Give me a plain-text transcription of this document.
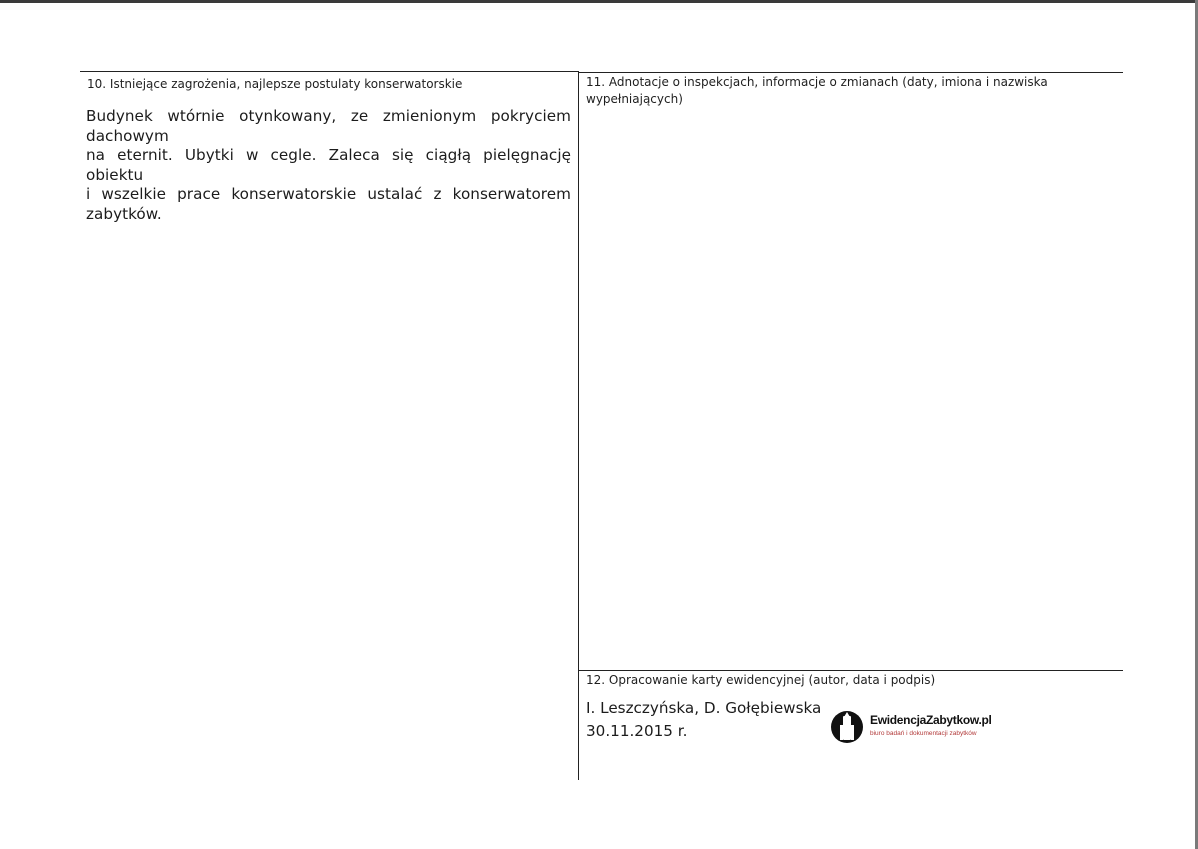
10. Istniejące zagrożenia, najlepsze postulaty konserwatorskie
Budynek wtórnie otynkowany, ze zmienionym pokryciem dachowym
na eternit. Ubytki w cegle. Zaleca się ciągłą pielęgnację obiektu
i wszelkie prace konserwatorskie ustalać z konserwatorem zabytków.
11. Adnotacje o inspekcjach, informacje o zmianach (daty, imiona i nazwiska
wypełniających)
12. Opracowanie karty ewidencyjnej (autor, data i podpis)
I. Leszczyńska, D. Gołębiewska
30.11.2015 r.
EwidencjaZabytkow.pl
biuro badań i dokumentacji zabytków
